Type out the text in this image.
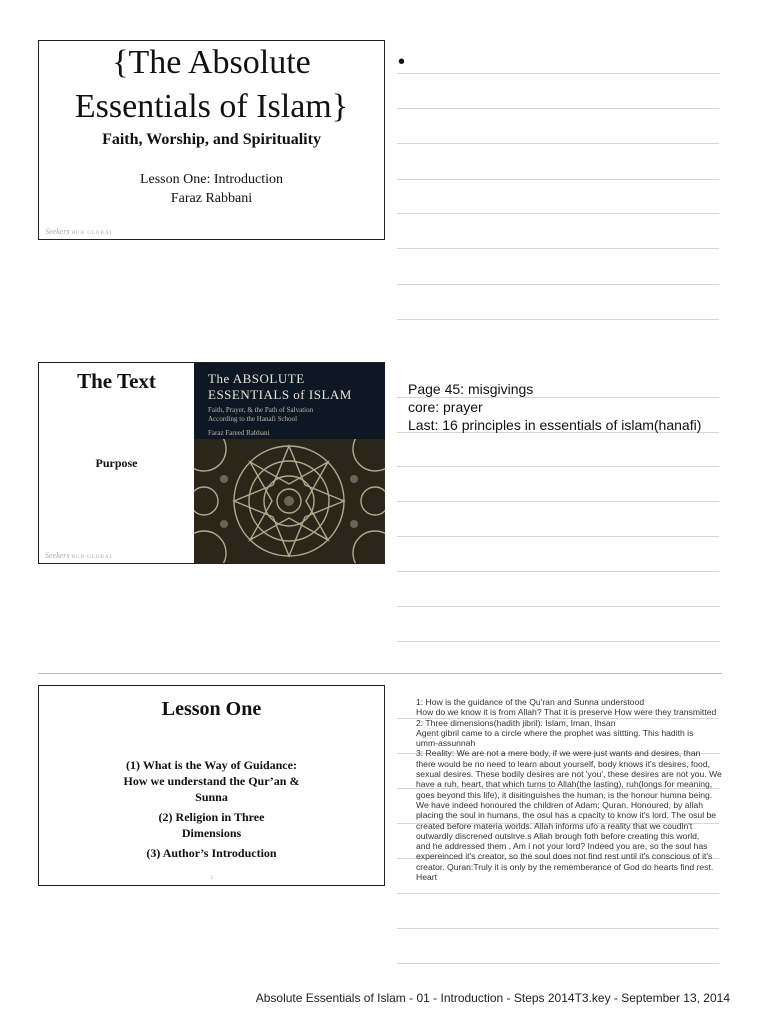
{The Absolute
Essentials of Islam}
Faith, Worship, and Spirituality
Lesson One: Introduction
Faraz Rabbani
Seekers HUB GLOBAL
The Text
Purpose
Seekers HUB GLOBAL
The ABSOLUTE
ESSENTIALS of ISLAM
Faith, Prayer, & the Path of Salvation According to the Hanafi School
Faraz Fareed Rabbani
Lesson One
(1) What is the Way of Guidance: How we understand the Qur’an & Sunna
(2) Religion in Three Dimensions
(3) Author’s Introduction
3
•
Page 45: misgivings
core: prayer
Last: 16 principles in essentials of islam(hanafi)
1: How is the guidance of the Qu'ran and Sunna understood
How do we know it is from Allah? That it is preserve How were they transmitted
2: Three dimensions(hadith jibril): Islam, Iman, Ihsan
Agent gibril came to a circle where the prophet was sittting. This hadith is
umm-assunnah
3: Reality: We are not a mere body, if we were just wants and desires, than
there would be no need to learn about yourself, body knows it's desires, food,
sexual desires. These bodily desires are not 'you', these desires are not you. We
have a ruh, heart, that which turns to Allah(the lasting), ruh(longs for meaning,
goes beyond this life), it disitinguishes the human, is the honour humna being.
We have indeed honoured the children of Adam; Quran. Honoured, by allah
placing the soul in humans, the osul has a cpacity to know it's lord. The osul be
created before materia worlds. Allah informs ufo a reality that we coudln't
outwardly discrened outslrve.s Allah brough foth before creating this world,
and he addressed them , Am i not your lord? Indeed you are, so the soul has
expereinced it's creator, so the soul does not find rest until it's conscious of it's
creator. Quran:Truly it is only by the rememberance of God do hearts find rest.
Heart
Absolute Essentials of Islam - 01 - Introduction - Steps 2014T3.key - September 13, 2014
